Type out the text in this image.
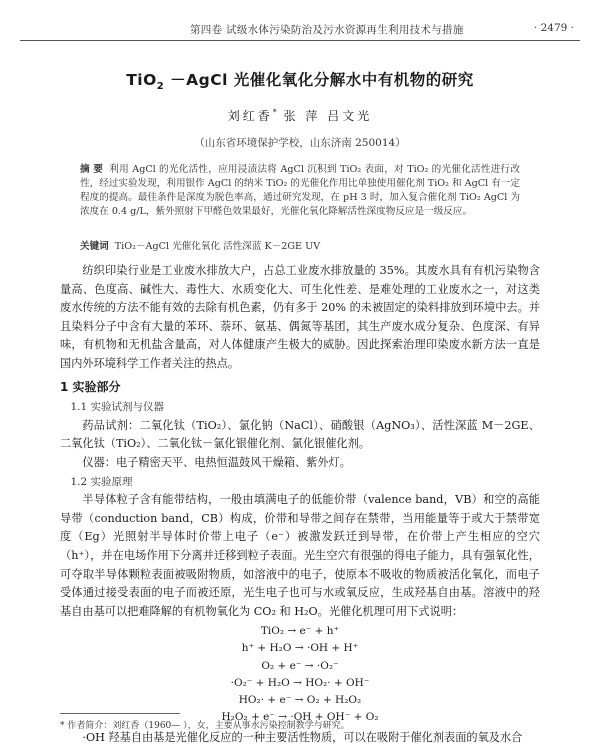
第四卷 试级水体污染防治及污水资源再生利用技术与措施	· 2479 ·
TiO$_2$ －AgCl 光催化氧化分解水中有机物的研究
刘红香* 张 萍 吕文光
（山东省环境保护学校，山东济南 250014）
摘 要 利用 AgCl 的光化活性，应用浸渍法将 AgCl 沉积到 TiO₂ 表面，对 TiO₂ 的光催化活性进行改性，经过实验发现，利用银作 AgCl 的纳米 TiO₂ 的光催化作用比单独使用催化剂 TiO₂ 和 AgCl 有一定程度的提高。最佳条件是深度为脱色率高，通过研究发现，在 pH 3 时，加入复合催化剂 TiO₂ AgCl 为浓度在 0.4 g/L，紫外照射下甲醛色效果最好，光催化氧化降解活性深度物反应是一级反应。
关键词 TiO₂－AgCl 光催化氧化 活性深蓝 K－2GE UV

纺织印染行业是工业废水排放大户，占总工业废水排放量的 35%。其废水具有有机污染物含量高、色度高、碱性大、毒性大、水质变化大、可生化性差、是难处理的工业废水之一，对这类废水传统的方法不能有效的去除有机色素，仍有多于 20% 的未被固定的染料排放到环境中去。并且染料分子中含有大量的苯环、萘环、氨基、偶氮等基团，其生产废水成分复杂、色度深、有异味，有机物和无机盐含量高，对人体健康产生极大的威胁。因此探索治理印染废水新方法一直是国内外环境科学工作者关注的热点。

1 实验部分

1.1 实验试剂与仪器

药品试剂：二氧化钛（TiO₂）、氯化钠（NaCl）、硝酸银（AgNO₃）、活性深蓝 M－2GE、二氧化钛（TiO₂）、二氧化钛－氯化银催化剂、氯化银催化剂。

仪器：电子精密天平、电热恒温鼓风干燥箱、紫外灯。

1.2 实验原理

半导体粒子含有能带结构，一般由填满电子的低能价带（valence band，VB）和空的高能导带（conduction band，CB）构成，价带和导带之间存在禁带，当用能量等于或大于禁带宽度（Eg）光照射半导体时价带上电子（e⁻）被激发跃迁到导带，在价带上产生相应的空穴（h⁺），并在电场作用下分离并迁移到粒子表面。光生空穴有很强的得电子能力，具有强氧化性，可夺取半导体颗粒表面被吸附物质，如溶液中的电子，使原本不吸收的物质被活化氧化，而电子受体通过接受表面的电子而被还原，光生电子也可与水或氧反应，生成羟基自由基。溶液中的羟基自由基可以把难降解的有机物氧化为 CO₂ 和 H₂O。光催化机理可用下式说明：

TiO₂ → e⁻ + h⁺
h⁺ + H₂O → ·OH + H⁺
O₂ + e⁻ → ·O₂⁻
·O₂⁻ + H₂O → HO₂· + OH⁻
HO₂· + e⁻ → O₂ + H₂O₂
H₂O₂ + e⁻ → ·OH + OH⁻ + O₂

·OH 羟基自由基是光催化反应的一种主要活性物质，可以在吸附于催化剂表面的氧及水合

* 作者简介：刘红香（1960— ），女，主要从事水污染控制教学与研究。
